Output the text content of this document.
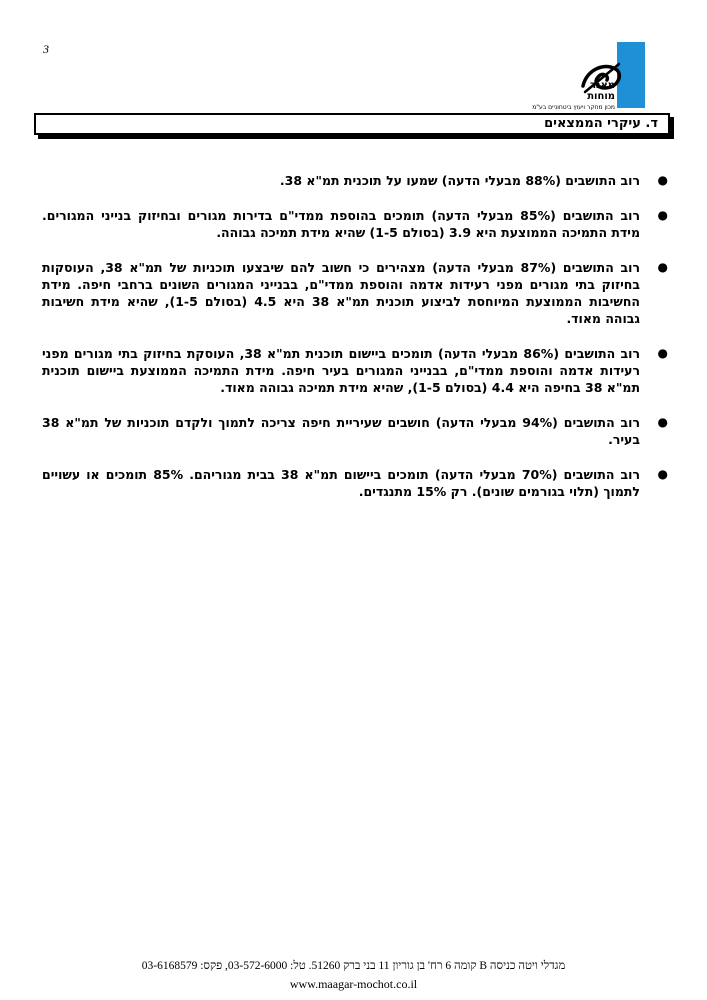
3
מאגר
מוחות
מכון מחקר ויעוץ ביטחוניים בע"מ
ד. עיקרי הממצאים
●
רוב התושבים (88% מבעלי הדעה) שמעו על תוכנית תמ"א 38.
●
רוב התושבים (85% מבעלי הדעה) תומכים בהוספת ממדי"ם בדירות מגורים ובחיזוק בנייני המגורים. מידת התמיכה הממוצעת היא 3.9 (בסולם 1-5) שהיא מידת תמיכה גבוהה.
●
רוב התושבים (87% מבעלי הדעה) מצהירים כי חשוב להם שיבצעו תוכניות של תמ"א 38, העוסקות בחיזוק בתי מגורים מפני רעידות אדמה והוספת ממדי"ם, בבנייני המגורים השונים ברחבי חיפה. מידת החשיבות הממוצעת המיוחסת לביצוע תוכנית תמ"א 38 היא 4.5 (בסולם 1-5), שהיא מידת חשיבות גבוהה מאוד.
●
רוב התושבים (86% מבעלי הדעה) תומכים ביישום תוכנית תמ"א 38, העוסקת בחיזוק בתי מגורים מפני רעידות אדמה והוספת ממדי"ם, בבנייני המגורים בעיר חיפה. מידת התמיכה הממוצעת ביישום תוכנית תמ"א 38 בחיפה היא 4.4 (בסולם 1-5), שהיא מידת תמיכה גבוהה מאוד.
●
רוב התושבים (94% מבעלי הדעה) חושבים שעיריית חיפה צריכה לתמוך ולקדם תוכניות של תמ"א 38 בעיר.
●
רוב התושבים (70% מבעלי הדעה) תומכים ביישום תמ"א 38 בבית מגוריהם. 85% תומכים או עשויים לתמוך (תלוי בגורמים שונים). רק 15% מתנגדים.
מגדלי ויטה כניסה B קומה 6 רח' בן גוריון 11 בני ברק 51260. טל: 03-572-6000, פקס: 03-6168579
www.maagar-mochot.co.il
